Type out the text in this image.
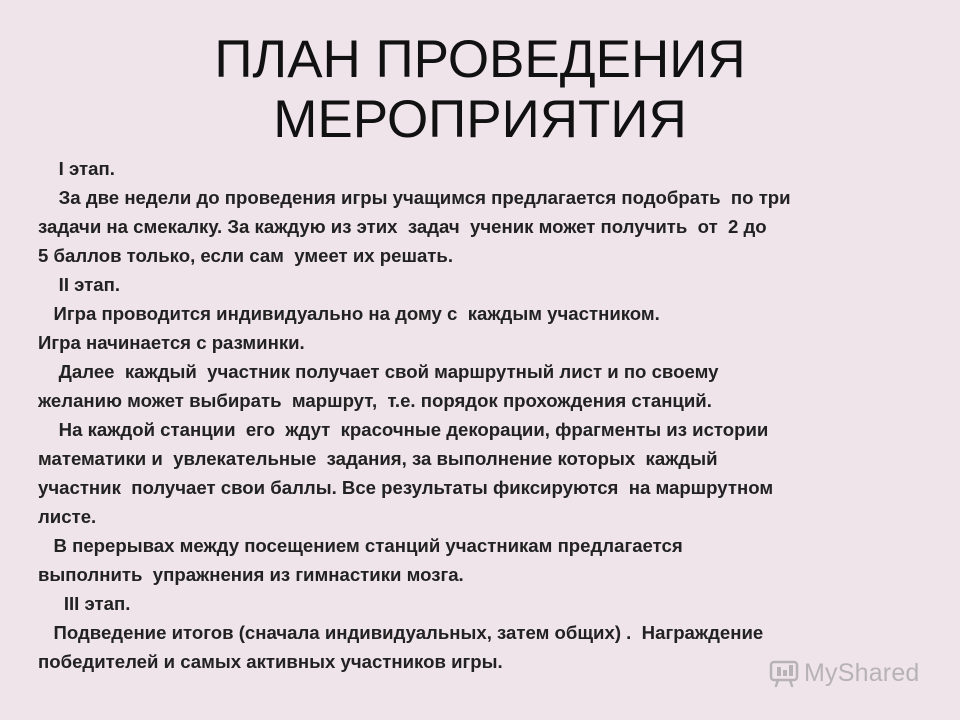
ПЛАН ПРОВЕДЕНИЯ
МЕРОПРИЯТИЯ
I этап.
За две недели до проведения игры учащимся предлагается подобрать  по три
задачи на смекалку. За каждую из этих  задач  ученик может получить  от  2 до
5 баллов только, если сам  умеет их решать.
II этап.
Игра проводится индивидуально на дому с  каждым участником.
Игра начинается с разминки.
Далее  каждый  участник получает свой маршрутный лист и по своему
желанию может выбирать  маршрут,  т.е. порядок прохождения станций.
На каждой станции  его  ждут  красочные декорации, фрагменты из истории
математики и  увлекательные  задания, за выполнение которых  каждый
участник  получает свои баллы. Все результаты фиксируются  на маршрутном
листе.
В перерывах между посещением станций участникам предлагается
выполнить  упражнения из гимнастики мозга.
III этап.
Подведение итогов (сначала индивидуальных, затем общих) .  Награждение
победителей и самых активных участников игры.	MyShared
